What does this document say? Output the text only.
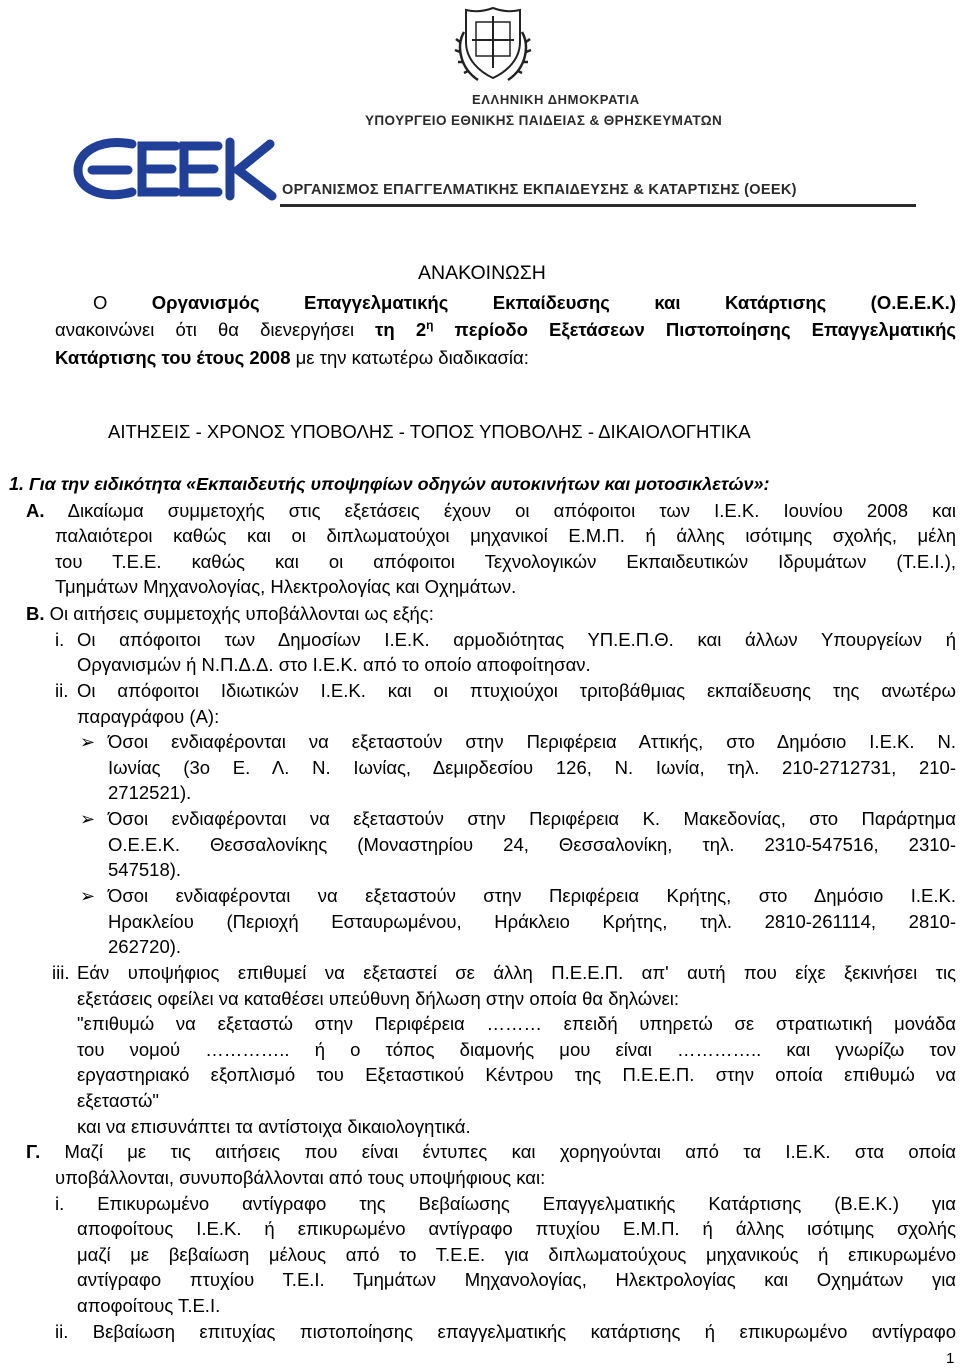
ΕΛΛΗΝΙΚΗ ΔΗΜΟΚΡΑΤΙΑ
ΥΠΟΥΡΓΕΙΟ ΕΘΝΙΚΗΣ ΠΑΙΔΕΙΑΣ & ΘΡΗΣΚΕΥΜΑΤΩΝ
ΟΡΓΑΝΙΣΜΟΣ ΕΠΑΓΓΕΛΜΑΤΙΚΗΣ ΕΚΠΑΙΔΕΥΣΗΣ & ΚΑΤΑΡΤΙΣΗΣ (ΟΕΕΚ)
ΑΝΑΚΟΙΝΩΣΗ
Ο Οργανισμός Επαγγελματικής Εκπαίδευσης και Κατάρτισης (Ο.Ε.Ε.Κ.)
ανακοινώνει ότι θα διενεργήσει τη $2^\eta$ περίοδο Εξετάσεων Πιστοποίησης Επαγγελματικής
Κατάρτισης του έτους 2008 με την κατωτέρω διαδικασία:
ΑΙΤΗΣΕΙΣ - ΧΡΟΝΟΣ ΥΠΟΒΟΛΗΣ - ΤΟΠΟΣ ΥΠΟΒΟΛΗΣ - ΔΙΚΑΙΟΛΟΓΗΤΙΚΑ
1. Για την ειδικότητα «Εκπαιδευτής υποψηφίων οδηγών αυτοκινήτων και μοτοσικλετών»:
Α. Δικαίωμα συμμετοχής στις εξετάσεις έχουν οι απόφοιτοι των Ι.Ε.Κ. Ιουνίου 2008 και
παλαιότεροι καθώς και οι διπλωματούχοι μηχανικοί Ε.Μ.Π. ή άλλης ισότιμης σχολής, μέλη
του Τ.Ε.Ε. καθώς και οι απόφοιτοι Τεχνολογικών Εκπαιδευτικών Ιδρυμάτων (Τ.Ε.Ι.),
Τμημάτων Μηχανολογίας, Ηλεκτρολογίας και Οχημάτων.
Β. Οι αιτήσεις συμμετοχής υποβάλλονται ως εξής:
i. Οι απόφοιτοι των Δημοσίων Ι.Ε.Κ. αρμοδιότητας ΥΠ.Ε.Π.Θ. και άλλων Υπουργείων ή
Οργανισμών ή Ν.Π.Δ.Δ. στο Ι.Ε.Κ. από το οποίο αποφοίτησαν.
ii. Οι απόφοιτοι Ιδιωτικών Ι.Ε.Κ. και οι πτυχιούχοι τριτοβάθμιας εκπαίδευσης της ανωτέρω
παραγράφου (Α):
➢ Όσοι ενδιαφέρονται να εξεταστούν στην Περιφέρεια Αττικής, στο Δημόσιο Ι.Ε.Κ. Ν.
Ιωνίας (3ο Ε. Λ. Ν. Ιωνίας, Δεμιρδεσίου 126, Ν. Ιωνία, τηλ. 210-2712731, 210-
2712521).
➢ Όσοι ενδιαφέρονται να εξεταστούν στην Περιφέρεια Κ. Μακεδονίας, στο Παράρτημα
Ο.Ε.Ε.Κ. Θεσσαλονίκης (Μοναστηρίου 24, Θεσσαλονίκη, τηλ. 2310-547516, 2310-
547518).
➢ Όσοι ενδιαφέρονται να εξεταστούν στην Περιφέρεια Κρήτης, στο Δημόσιο Ι.Ε.Κ.
Ηρακλείου (Περιοχή Εσταυρωμένου, Ηράκλειο Κρήτης, τηλ. 2810-261114, 2810-
262720).
iii. Εάν υποψήφιος επιθυμεί να εξεταστεί σε άλλη Π.Ε.Ε.Π. απ' αυτή που είχε ξεκινήσει τις
εξετάσεις οφείλει να καταθέσει υπεύθυνη δήλωση στην οποία θα δηλώνει:
"επιθυμώ να εξεταστώ στην Περιφέρεια ……… επειδή υπηρετώ σε στρατιωτική μονάδα
του νομού ………….. ή ο τόπος διαμονής μου είναι ………….. και γνωρίζω τον
εργαστηριακό εξοπλισμό του Εξεταστικού Κέντρου της Π.Ε.Ε.Π. στην οποία επιθυμώ να
εξεταστώ"
και να επισυνάπτει τα αντίστοιχα δικαιολογητικά.
Γ. Μαζί με τις αιτήσεις που είναι έντυπες και χορηγούνται από τα Ι.Ε.Κ. στα οποία
υποβάλλονται, συνυποβάλλονται από τους υποψήφιους και:
i. Επικυρωμένο αντίγραφο της Βεβαίωσης Επαγγελματικής Κατάρτισης (Β.Ε.Κ.) για
αποφοίτους Ι.Ε.Κ. ή επικυρωμένο αντίγραφο πτυχίου Ε.Μ.Π. ή άλλης ισότιμης σχολής
μαζί με βεβαίωση μέλους από το Τ.Ε.Ε. για διπλωματούχους μηχανικούς ή επικυρωμένο
αντίγραφο πτυχίου Τ.Ε.Ι. Τμημάτων Μηχανολογίας, Ηλεκτρολογίας και Οχημάτων για
αποφοίτους Τ.Ε.Ι.
ii. Βεβαίωση επιτυχίας πιστοποίησης επαγγελματικής κατάρτισης ή επικυρωμένο αντίγραφο
1
